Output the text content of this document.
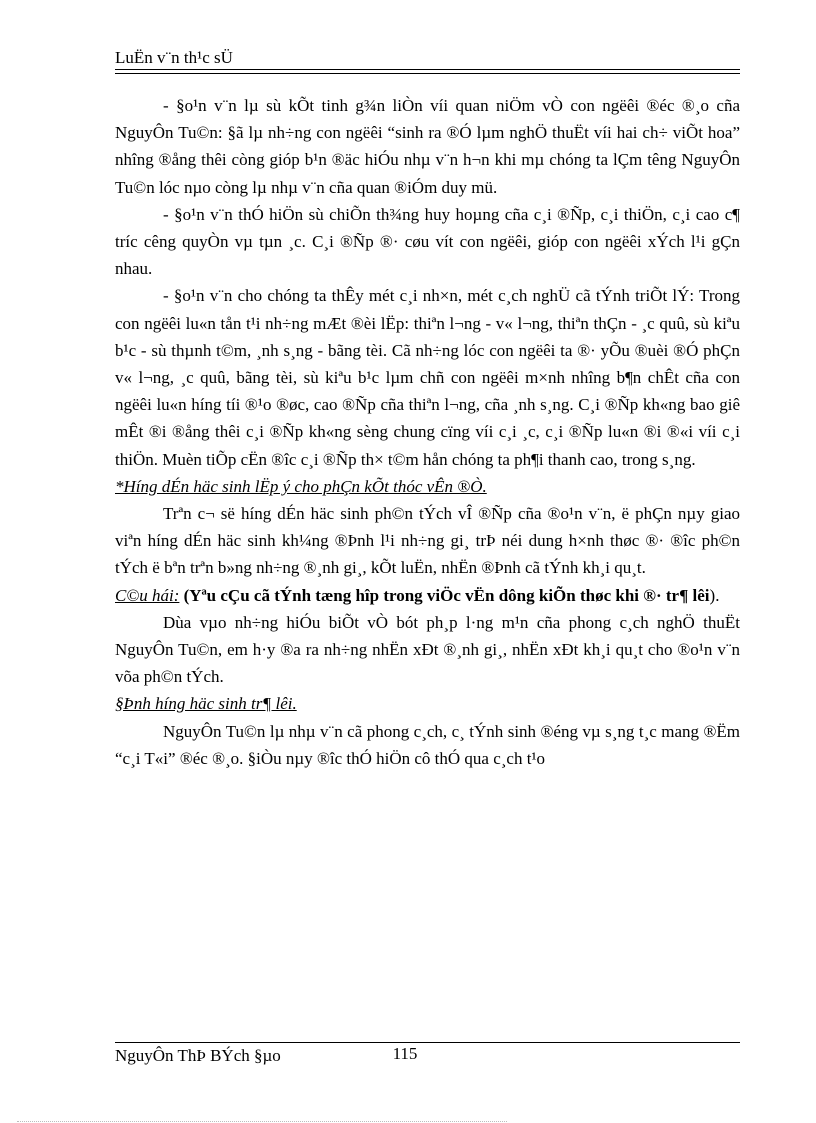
LuËn v¨n th¹c sÜ

- §o¹n v¨n lµ sù kÕt tinh g¾n liÒn víi quan niÖm vÒ con ngëêi ®éc ®¸o cña NguyÔn Tu©n: §ã lµ nh÷ng con ngëêi “sinh ra ®Ó lµm nghÖ thuËt víi hai ch÷ viÕt hoa” nhîng ®ång thêi còng gióp b¹n ®äc hiÓu nhµ v¨n h¬n khi mµ chóng ta lÇm têng NguyÔn Tu©n lóc nµo còng lµ nhµ v¨n cña quan ®iÓm duy mü.

- §o¹n v¨n thÓ hiÖn sù chiÕn th¾ng huy hoµng cña c¸i ®Ñp, c¸i thiÖn, c¸i cao c¶ tríc cêng quyÒn vµ tµn ¸c. C¸i ®Ñp ®· cøu vít con ngëêi, gióp con ngëêi xÝch l¹i gÇn nhau.

- §o¹n v¨n cho chóng ta thÊy mét c¸i nh×n, mét c¸ch nghÜ cã tÝnh triÕt lÝ: Trong con ngëêi lu«n tån t¹i nh÷ng mÆt ®èi lËp: thiªn l¬ng - v« l¬ng, thiªn thÇn - ¸c quû, sù kiªu b¹c - sù thµnh t©m, ¸nh s¸ng - bãng tèi. Cã nh÷ng lóc con ngëêi ta ®· yÕu ®uèi ®Ó phÇn v« l¬ng, ¸c quû, bãng tèi, sù kiªu b¹c lµm chñ con ngëêi m×nh nhîng b¶n chÊt cña con ngëêi lu«n híng tíi ®¹o ®øc, cao ®Ñp cña thiªn l¬ng, cña ¸nh s¸ng. C¸i ®Ñp kh«ng bao giê mÊt ®i ®ång thêi c¸i ®Ñp kh«ng sèng chung cïng víi c¸i ¸c, c¸i ®Ñp lu«n ®i ®«i víi c¸i thiÖn. Muèn tiÕp cËn ®îc c¸i ®Ñp th× t©m hån chóng ta ph¶i thanh cao, trong s¸ng.

*Híng dÉn häc sinh lËp ý cho phÇn kÕt thóc vÊn ®Ò.

Trªn c¬ së híng dÉn häc sinh ph©n tÝch vÎ ®Ñp cña ®o¹n v¨n, ë phÇn nµy giao viªn híng dÉn häc sinh kh¼ng ®Þnh l¹i nh÷ng gi¸ trÞ néi dung h×nh thøc ®· ®îc ph©n tÝch ë bªn trªn b»ng nh÷ng ®¸nh gi¸, kÕt luËn, nhËn ®Þnh cã tÝnh kh¸i qu¸t.

C©u hái: (Yªu cÇu cã tÝnh tæng hîp trong viÖc vËn dông kiÕn thøc khi ®· tr¶ lêi).

Dùa vµo nh÷ng hiÓu biÕt vÒ bót ph¸p l·ng m¹n cña phong c¸ch nghÖ thuËt NguyÔn Tu©n, em h·y ®a ra nh÷ng nhËn xÐt ®¸nh gi¸, nhËn xÐt kh¸i qu¸t cho ®o¹n v¨n võa ph©n tÝch.

§Þnh híng häc sinh tr¶ lêi.

NguyÔn Tu©n lµ nhµ v¨n cã phong c¸ch, c¸ tÝnh sinh ®éng vµ s¸ng t¸c mang ®Ëm “c¸i T«i” ®éc ®¸o. §iÒu nµy ®îc thÓ hiÖn cô thÓ qua c¸ch t¹o

NguyÔn ThÞ BÝch §µo	115
